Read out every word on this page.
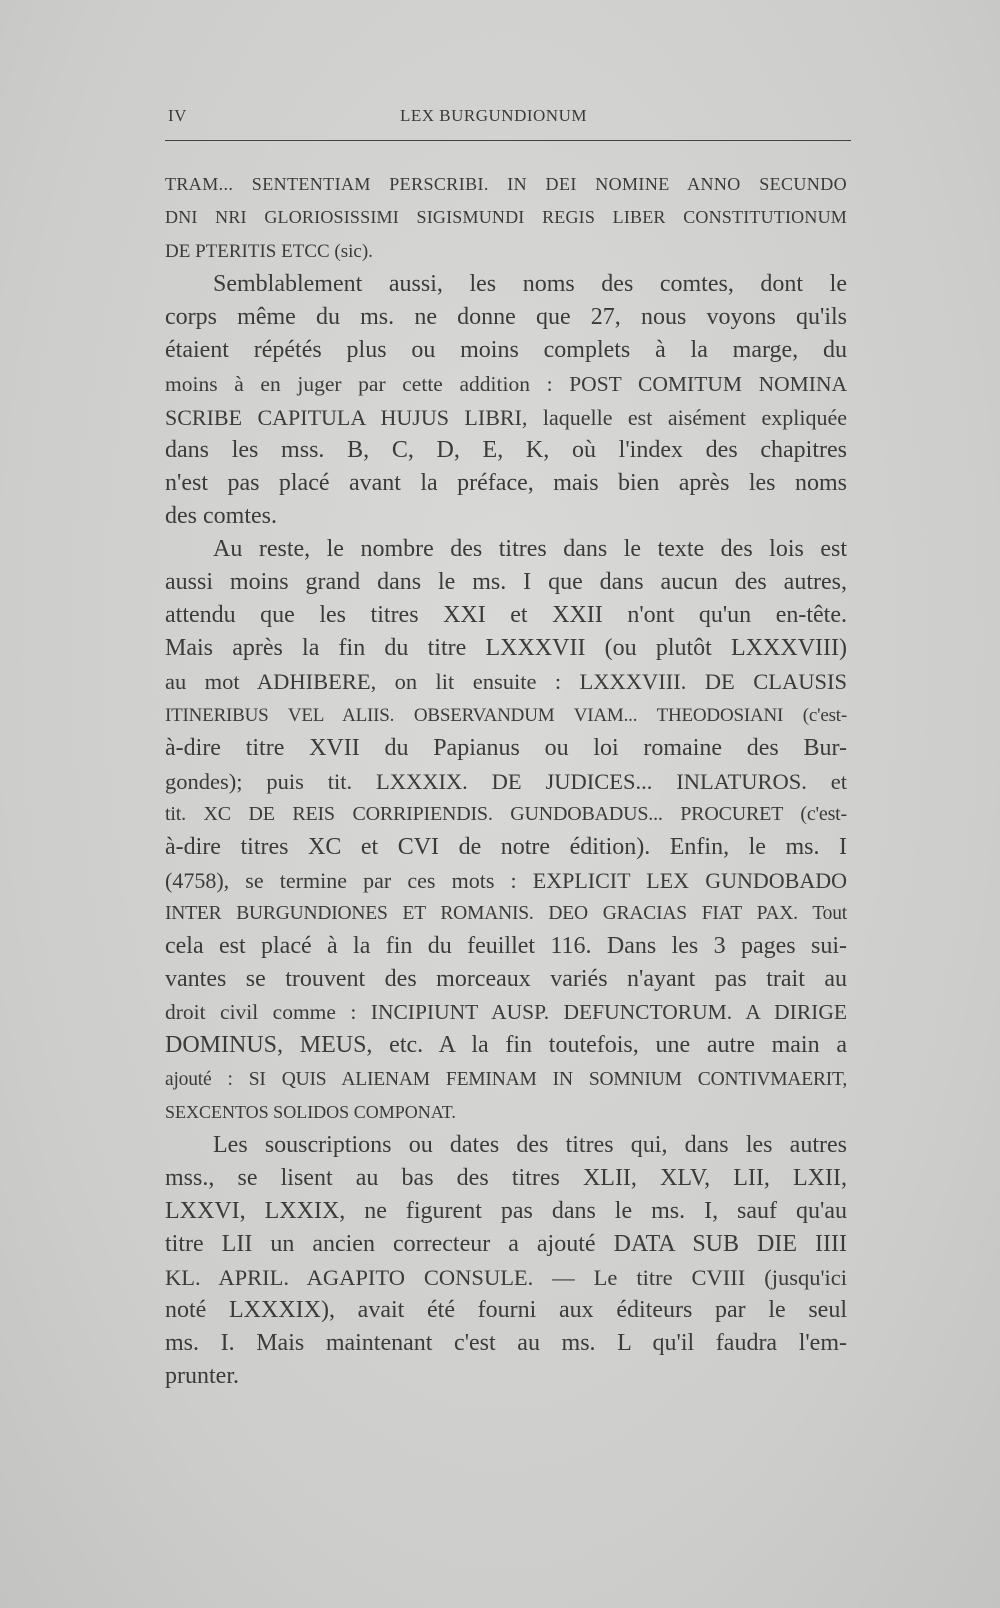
IV	LEX BURGUNDIONUM

TRAM... SENTENTIAM PERSCRIBI. IN DEI NOMINE ANNO SECUNDO

DNI NRI GLORIOSISSIMI SIGISMUNDI REGIS LIBER CONSTITUTIONUM

DE PTERITIS ETCC (sic).

Semblablement aussi, les noms des comtes, dont le

corps même du ms. ne donne que 27, nous voyons qu'ils

étaient répétés plus ou moins complets à la marge, du

moins à en juger par cette addition : POST COMITUM NOMINA

SCRIBE CAPITULA HUJUS LIBRI, laquelle est aisément expliquée

dans les mss. B, C, D, E, K, où l'index des chapitres

n'est pas placé avant la préface, mais bien après les noms

des comtes.

Au reste, le nombre des titres dans le texte des lois est

aussi moins grand dans le ms. I que dans aucun des autres,

attendu que les titres XXI et XXII n'ont qu'un en-tête.

Mais après la fin du titre LXXXVII (ou plutôt LXXXVIII)

au mot ADHIBERE, on lit ensuite : LXXXVIII. DE CLAUSIS

ITINERIBUS VEL ALIIS. OBSERVANDUM VIAM... THEODOSIANI (c'est-

à-dire titre XVII du Papianus ou loi romaine des Bur-

gondes); puis tit. LXXXIX. DE JUDICES... INLATUROS. et

tit. XC DE REIS CORRIPIENDIS. GUNDOBADUS... PROCURET (c'est-

à-dire titres XC et CVI de notre édition). Enfin, le ms. I

(4758), se termine par ces mots : EXPLICIT LEX GUNDOBADO

INTER BURGUNDIONES ET ROMANIS. DEO GRACIAS FIAT PAX. Tout

cela est placé à la fin du feuillet 116. Dans les 3 pages sui-

vantes se trouvent des morceaux variés n'ayant pas trait au

droit civil comme : INCIPIUNT AUSP. DEFUNCTORUM. A DIRIGE

DOMINUS, MEUS, etc. A la fin toutefois, une autre main a

ajouté : SI QUIS ALIENAM FEMINAM IN SOMNIUM CONTIVMAERIT,

SEXCENTOS SOLIDOS COMPONAT.

Les souscriptions ou dates des titres qui, dans les autres

mss., se lisent au bas des titres XLII, XLV, LII, LXII,

LXXVI, LXXIX, ne figurent pas dans le ms. I, sauf qu'au

titre LII un ancien correcteur a ajouté DATA SUB DIE IIII

KL. APRIL. AGAPITO CONSULE. — Le titre CVIII (jusqu'ici

noté LXXXIX), avait été fourni aux éditeurs par le seul

ms. I. Mais maintenant c'est au ms. L qu'il faudra l'em-

prunter.
